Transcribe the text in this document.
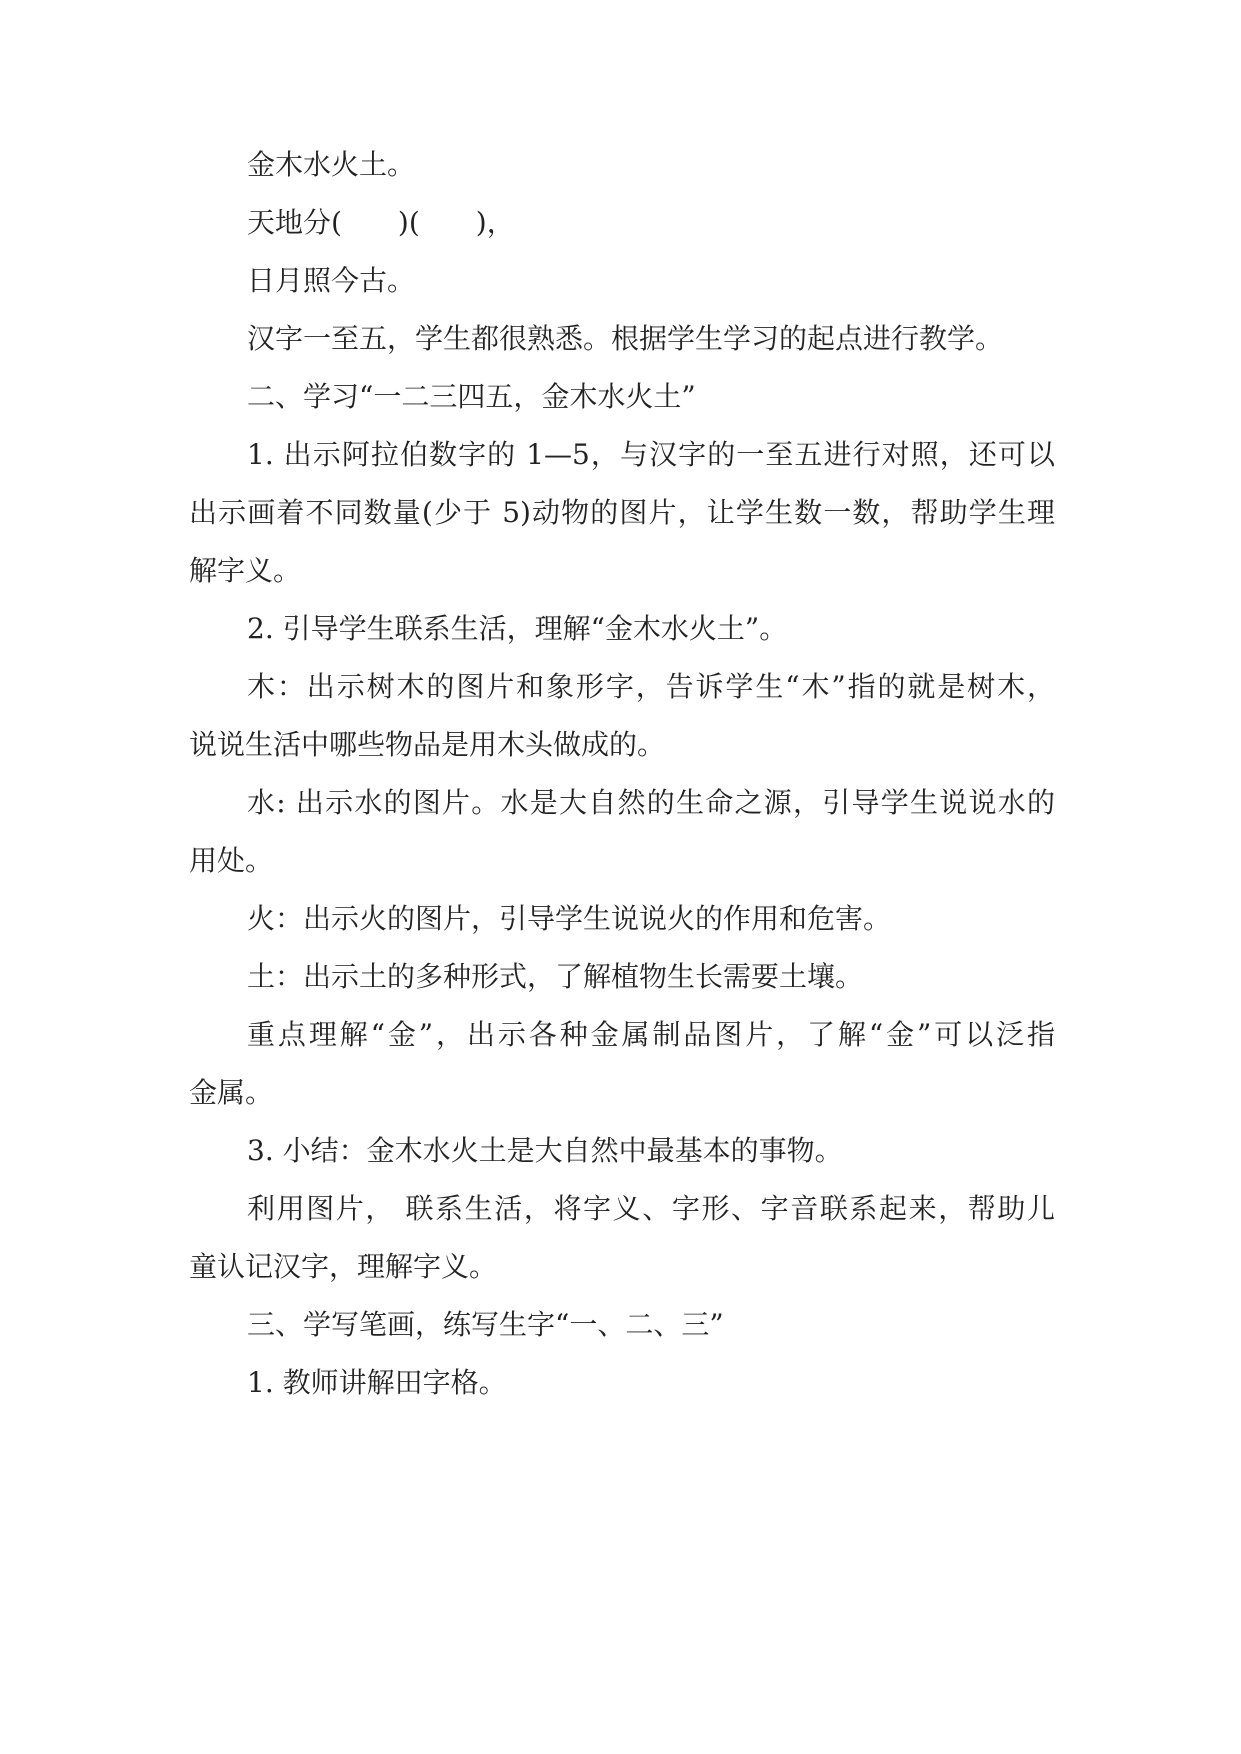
金木水火土。
天地分(　　)(　　)，
日月照今古。
汉字一至五，学生都很熟悉。根据学生学习的起点进行教学。
二、学习“一二三四五，金木水火土”
1. 出示阿拉伯数字的 1—5，与汉字的一至五进行对照，还可以
出示画着不同数量(少于 5)动物的图片，让学生数一数，帮助学生理
解字义。
2. 引导学生联系生活，理解“金木水火土”。
木：出示树木的图片和象形字，告诉学生“木”指的就是树木，
说说生活中哪些物品是用木头做成的。
水: 出示水的图片。水是大自然的生命之源，引导学生说说水的
用处。
火：出示火的图片，引导学生说说火的作用和危害。
土：出示土的多种形式，了解植物生长需要土壤。
重点理解“金”，出示各种金属制品图片，了解“金”可以泛指
金属。
3. 小结：金木水火土是大自然中最基本的事物。
利用图片， 联系生活，将字义、字形、字音联系起来，帮助儿
童认记汉字，理解字义。
三、学写笔画，练写生字“一、二、三”
1. 教师讲解田字格。
